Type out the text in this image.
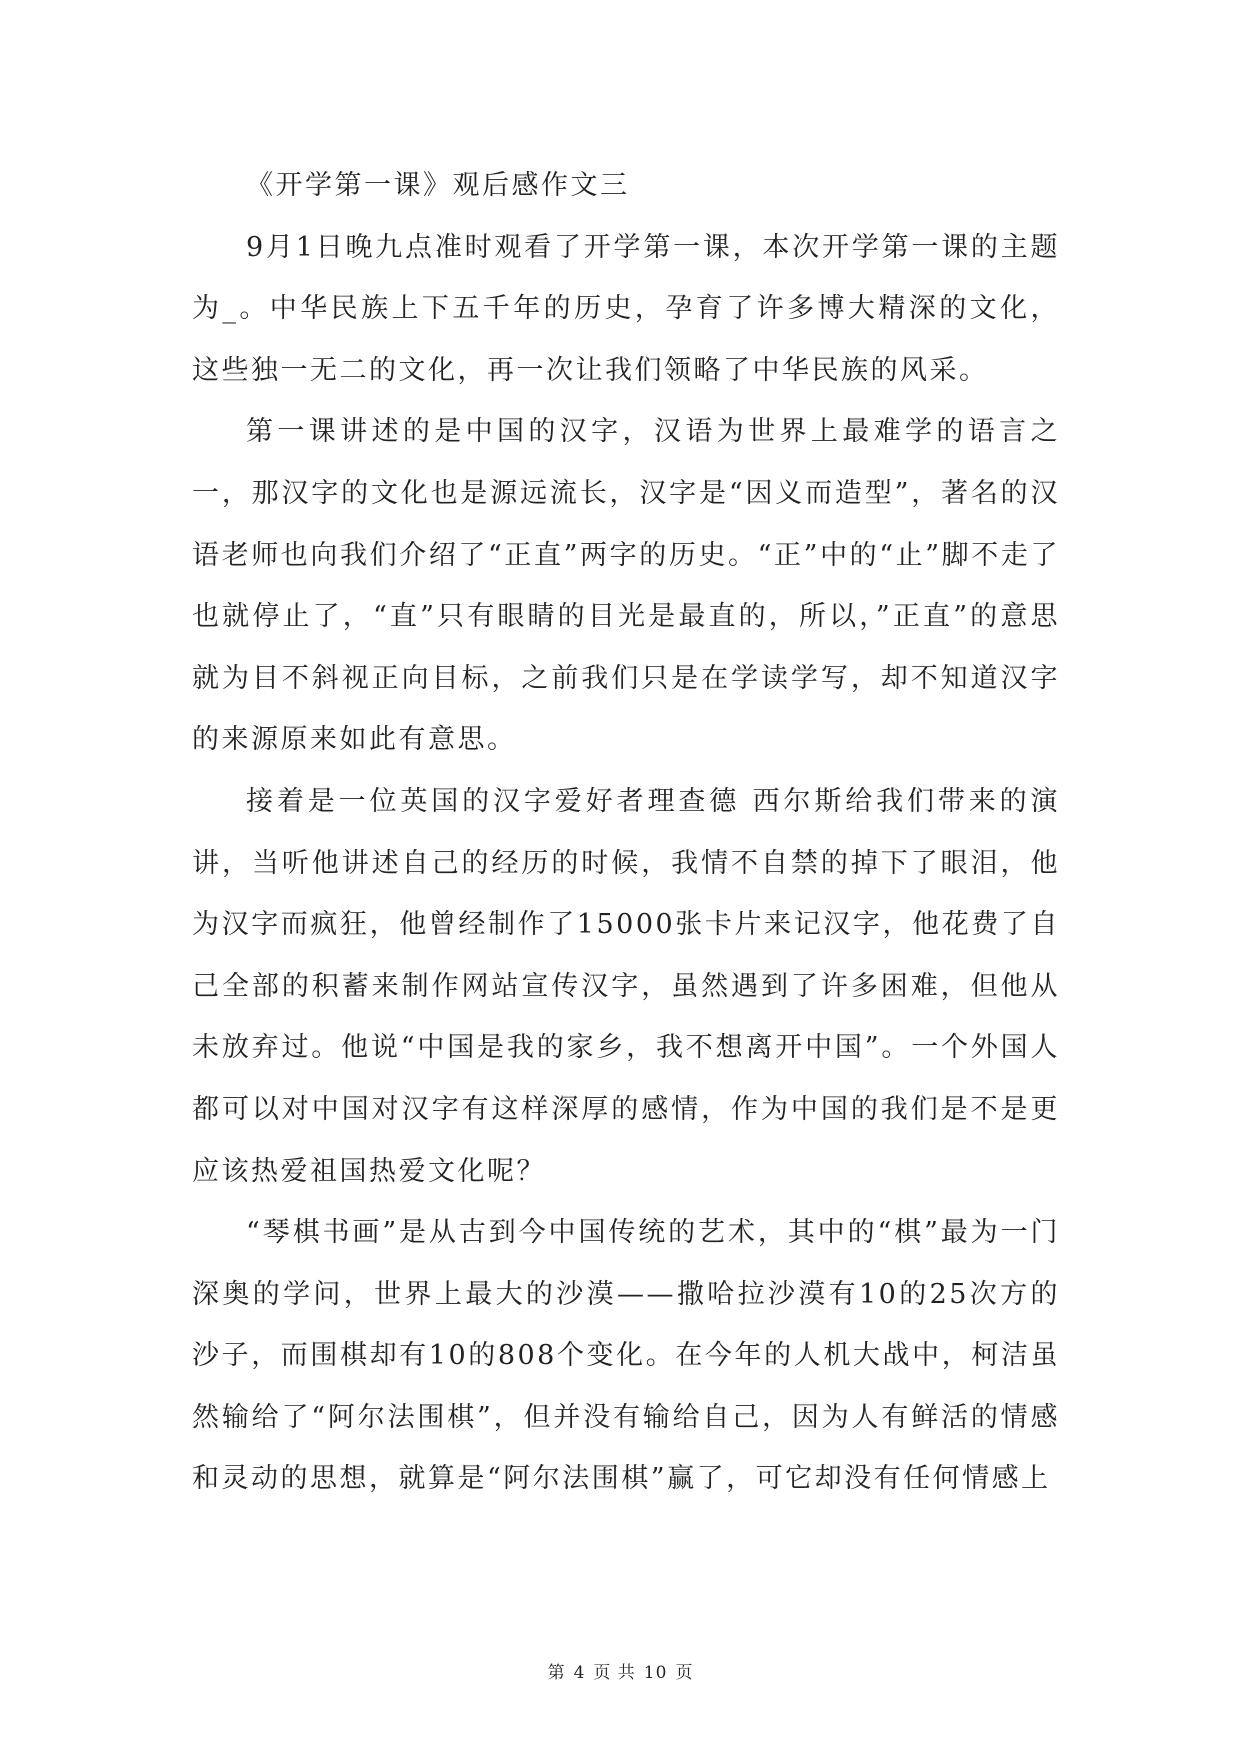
《开学第一课》观后感作文三

9月1日晚九点准时观看了开学第一课，本次开学第一课的主题为_。中华民族上下五千年的历史，孕育了许多博大精深的文化，这些独一无二的文化，再一次让我们领略了中华民族的风采。

第一课讲述的是中国的汉字，汉语为世界上最难学的语言之一，那汉字的文化也是源远流长，汉字是“因义而造型”，著名的汉语老师也向我们介绍了“正直”两字的历史。“正”中的“止”脚不走了也就停止了，“直”只有眼睛的目光是最直的，所以，”正直”的意思就为目不斜视正向目标，之前我们只是在学读学写，却不知道汉字的来源原来如此有意思。

接着是一位英国的汉字爱好者理查德 西尔斯给我们带来的演讲，当听他讲述自己的经历的时候，我情不自禁的掉下了眼泪，他为汉字而疯狂，他曾经制作了15000张卡片来记汉字，他花费了自己全部的积蓄来制作网站宣传汉字，虽然遇到了许多困难，但他从未放弃过。他说“中国是我的家乡，我不想离开中国”。一个外国人都可以对中国对汉字有这样深厚的感情，作为中国的我们是不是更应该热爱祖国热爱文化呢？

“琴棋书画”是从古到今中国传统的艺术，其中的“棋”最为一门深奥的学问，世界上最大的沙漠——撒哈拉沙漠有10的25次方的沙子，而围棋却有10的808个变化。在今年的人机大战中，柯洁虽然输给了“阿尔法围棋”，但并没有输给自己，因为人有鲜活的情感和灵动的思想，就算是“阿尔法围棋”赢了，可它却没有任何情感上

第 4 页 共 10 页
